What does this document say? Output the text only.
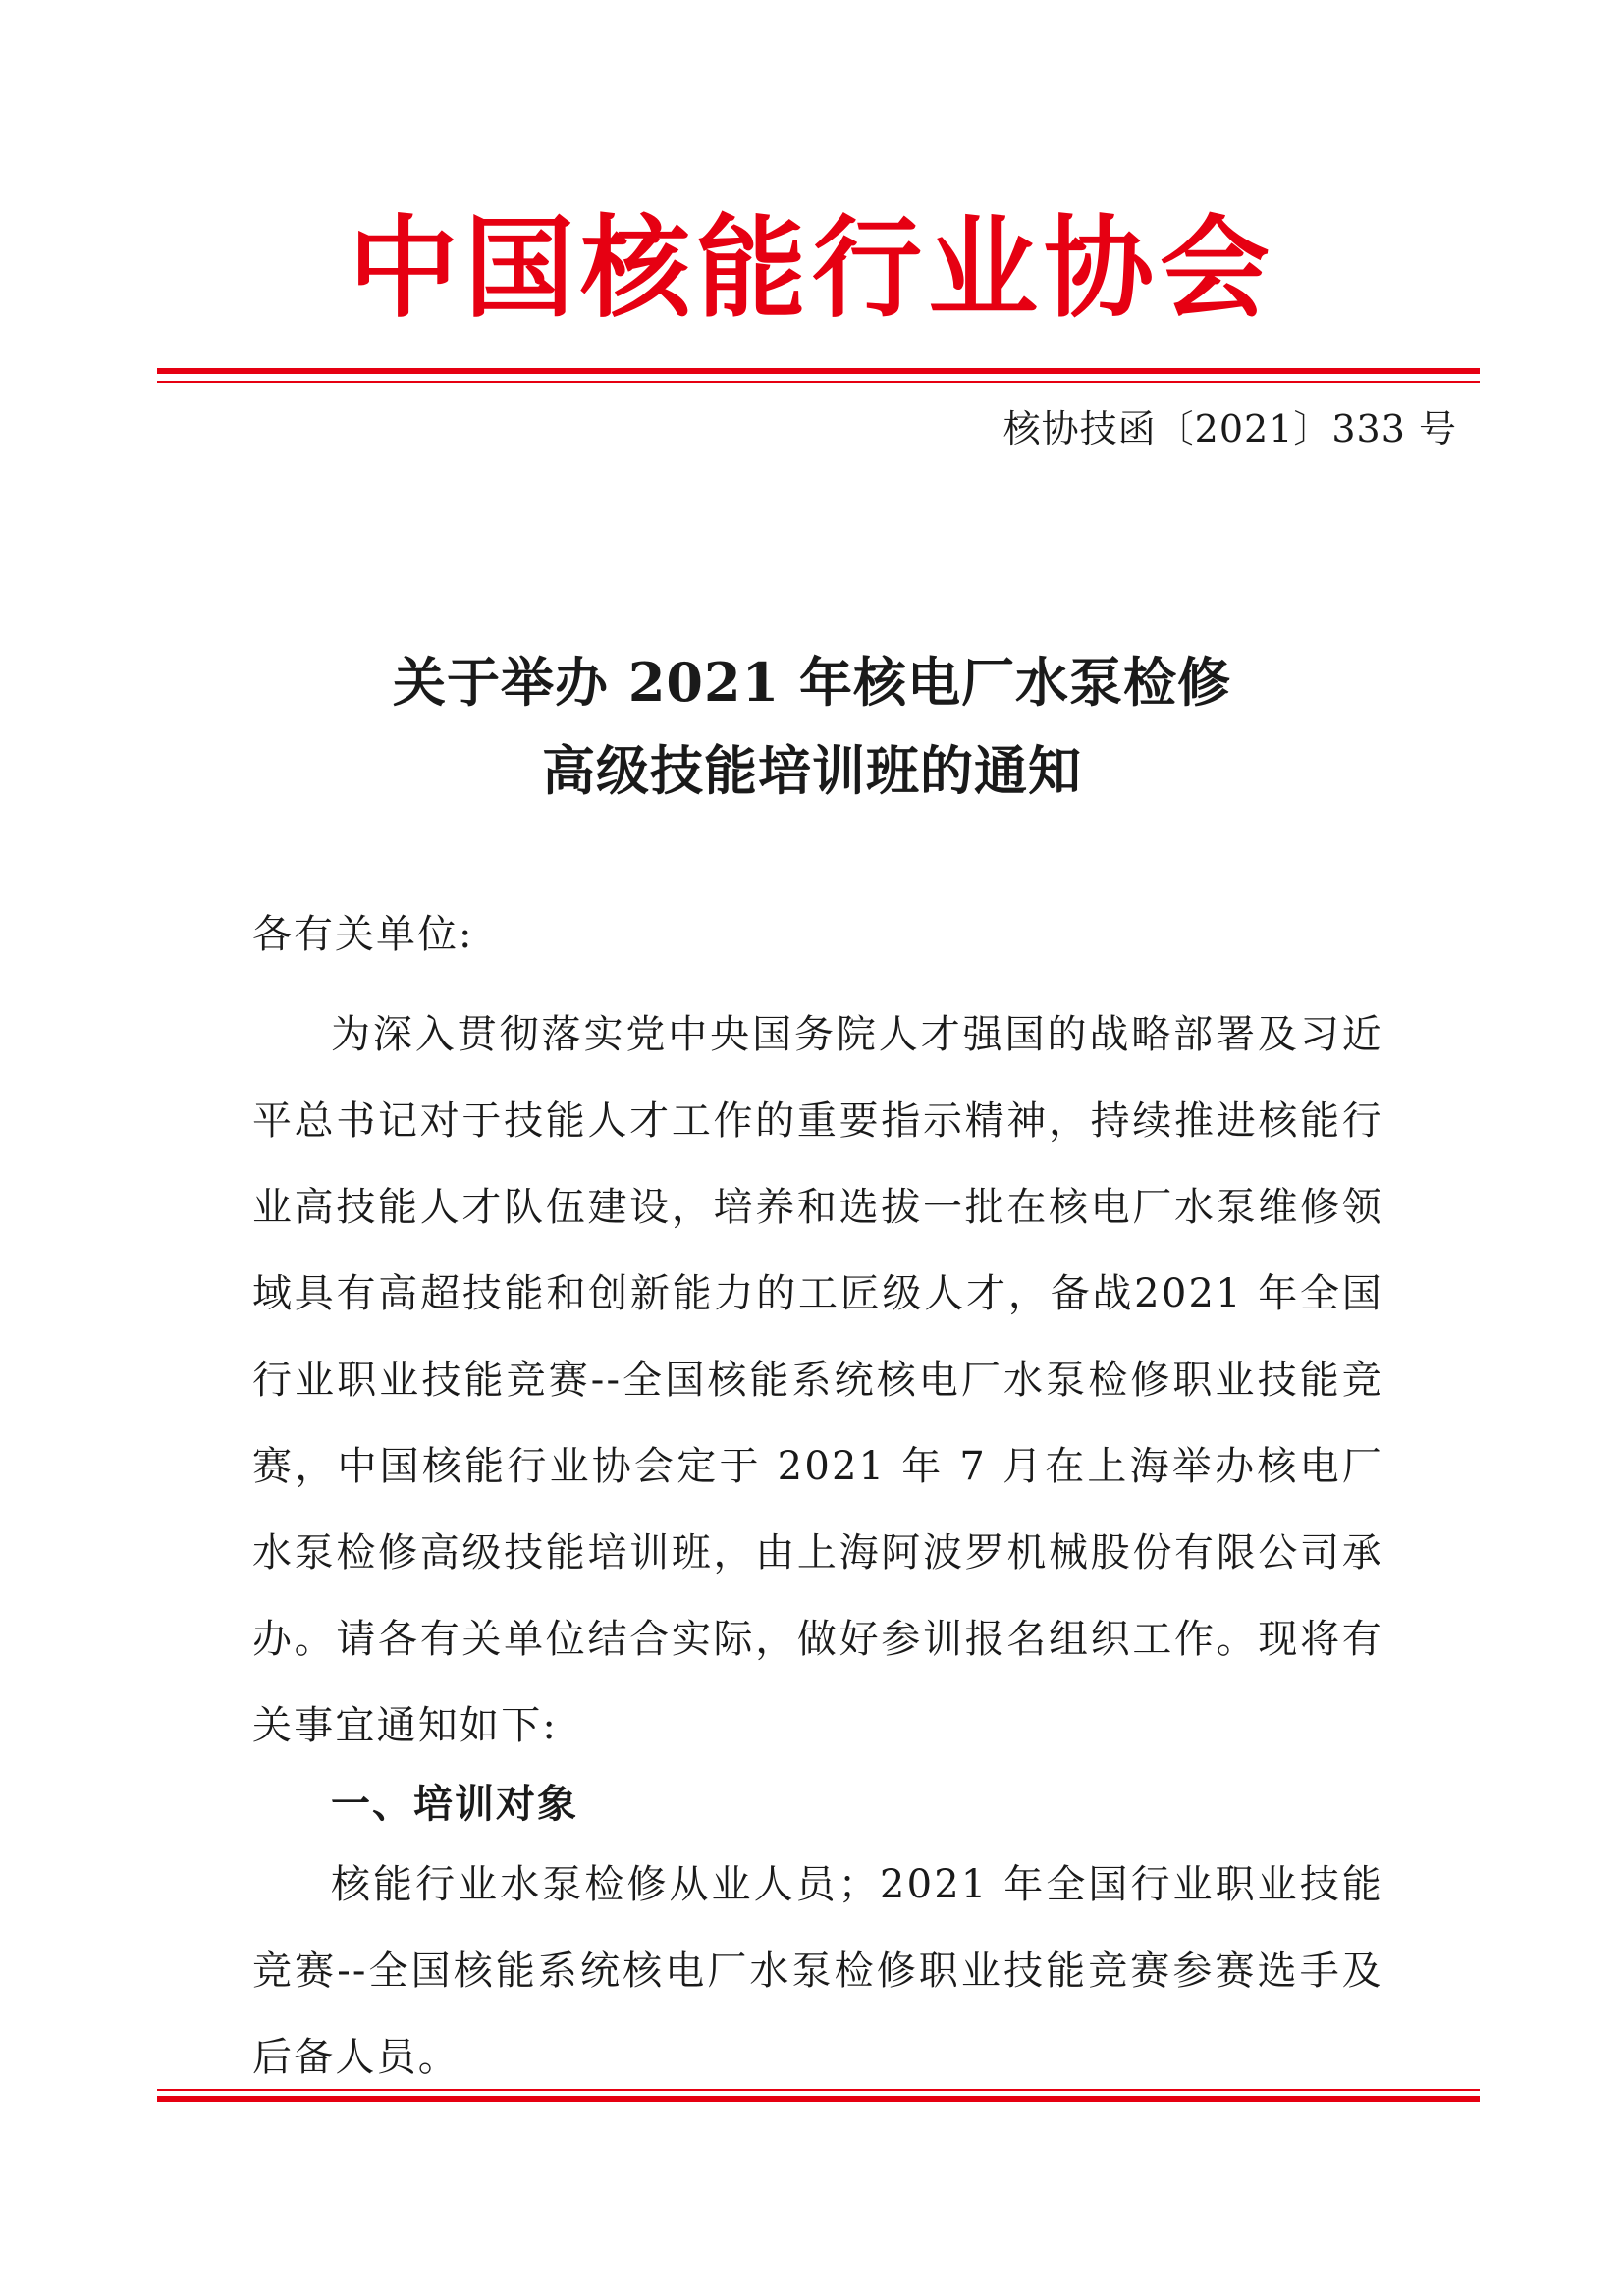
中国核能行业协会
核协技函〔2021〕333 号
关于举办 2021 年核电厂水泵检修
高级技能培训班的通知
各有关单位:

为深入贯彻落实党中央国务院人才强国的战略部署及习近平总书记对于技能人才工作的重要指示精神，持续推进核能行业高技能人才队伍建设，培养和选拔一批在核电厂水泵维修领域具有高超技能和创新能力的工匠级人才，备战2021 年全国行业职业技能竞赛--全国核能系统核电厂水泵检修职业技能竞赛，中国核能行业协会定于 2021 年 7 月在上海举办核电厂水泵检修高级技能培训班，由上海阿波罗机械股份有限公司承办。请各有关单位结合实际，做好参训报名组织工作。现将有关事宜通知如下:

一、培训对象

核能行业水泵检修从业人员；2021 年全国行业职业技能竞赛--全国核能系统核电厂水泵检修职业技能竞赛参赛选手及后备人员。
